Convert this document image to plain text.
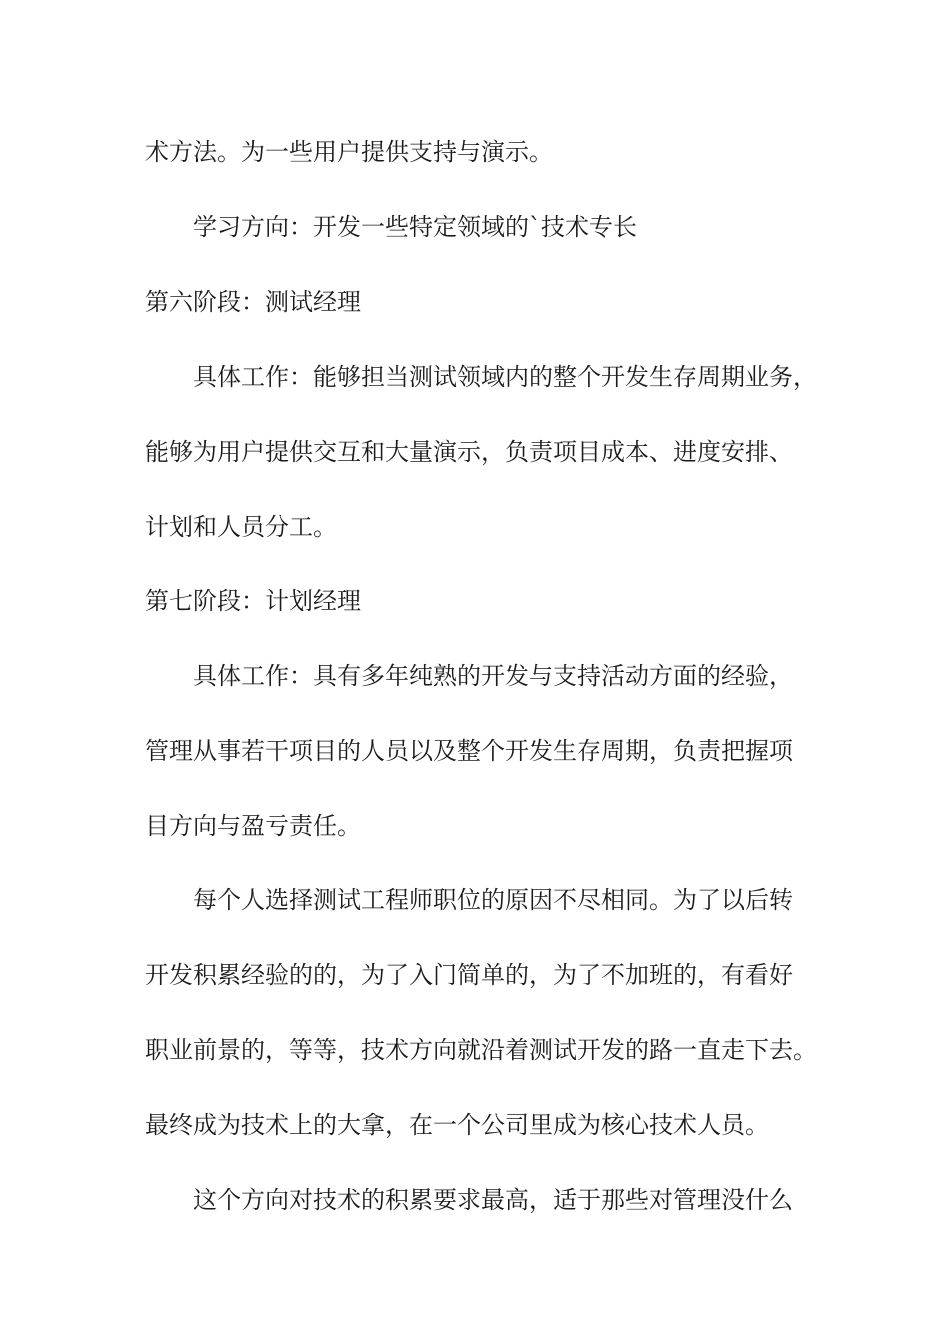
术方法。为一些用户提供支持与演示。

学习方向：开发一些特定领域的`技术专长

第六阶段：测试经理

具体工作：能够担当测试领域内的整个开发生存周期业务，

能够为用户提供交互和大量演示，负责项目成本、进度安排、

计划和人员分工。

第七阶段：计划经理

具体工作：具有多年纯熟的开发与支持活动方面的经验，

管理从事若干项目的人员以及整个开发生存周期，负责把握项

目方向与盈亏责任。

每个人选择测试工程师职位的原因不尽相同。为了以后转

开发积累经验的的，为了入门简单的，为了不加班的，有看好

职业前景的，等等，技术方向就沿着测试开发的路一直走下去。

最终成为技术上的大拿，在一个公司里成为核心技术人员。

这个方向对技术的积累要求最高，适于那些对管理没什么
